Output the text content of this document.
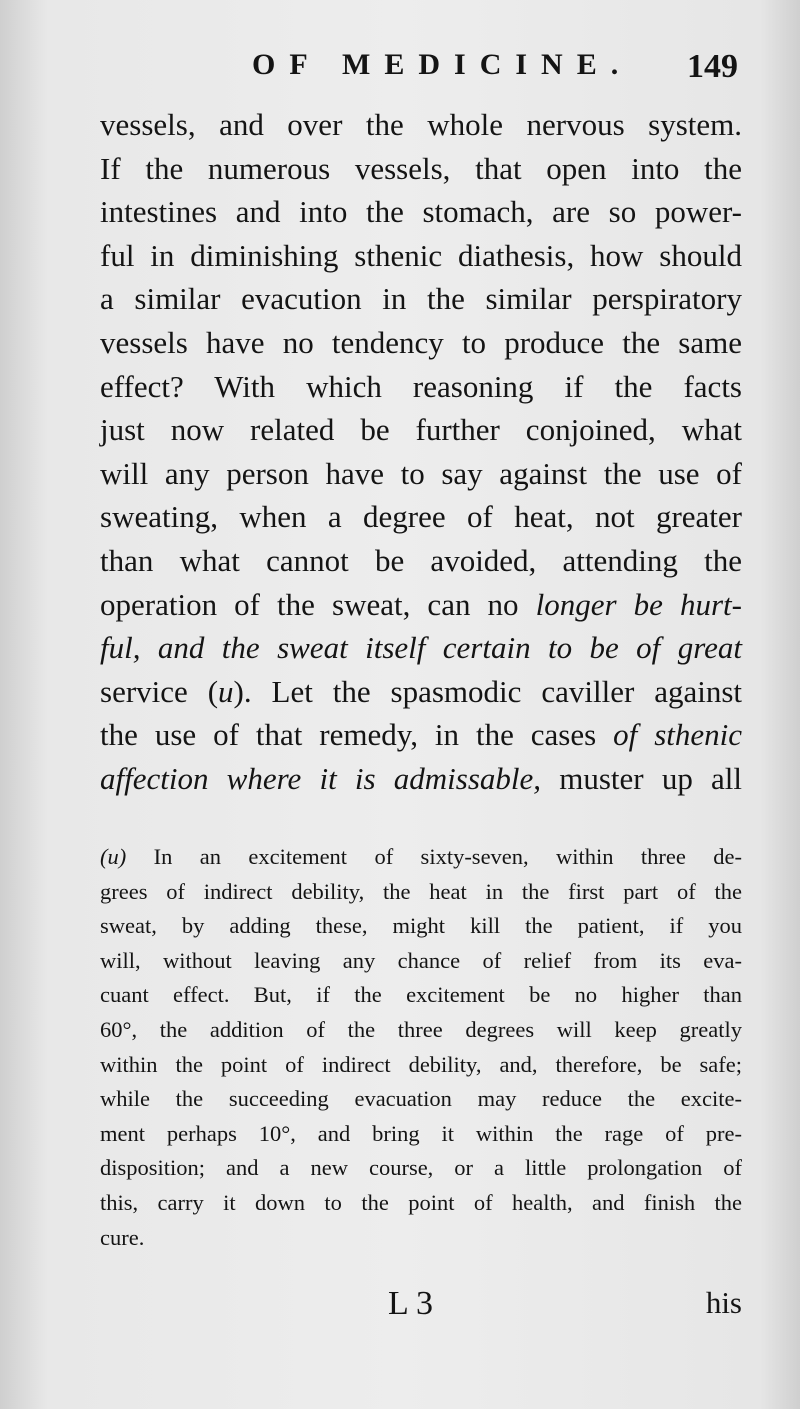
OF MEDICINE. 149
vessels, and over the whole nervous system.
If the numerous vessels, that open into the
intestines and into the stomach, are so power-
ful in diminishing sthenic diathesis, how should
a similar evacution in the similar perspiratory
vessels have no tendency to produce the same
effect? With which reasoning if the facts
just now related be further conjoined, what
will any person have to say against the use of
sweating, when a degree of heat, not greater
than what cannot be avoided, attending the
operation of the sweat, can no longer be hurt-
ful, and the sweat itself certain to be of great
service (u). Let the spasmodic caviller against
the use of that remedy, in the cases of sthenic
affection where it is admissable, muster up all
(u) In an excitement of sixty-seven, within three de-
grees of indirect debility, the heat in the first part of the
sweat, by adding these, might kill the patient, if you
will, without leaving any chance of relief from its eva-
cuant effect. But, if the excitement be no higher than
60°, the addition of the three degrees will keep greatly
within the point of indirect debility, and, therefore, be safe;
while the succeeding evacuation may reduce the excite-
ment perhaps 10°, and bring it within the rage of pre-
disposition; and a new course, or a little prolongation of
this, carry it down to the point of health, and finish the
cure.
L 3	his
